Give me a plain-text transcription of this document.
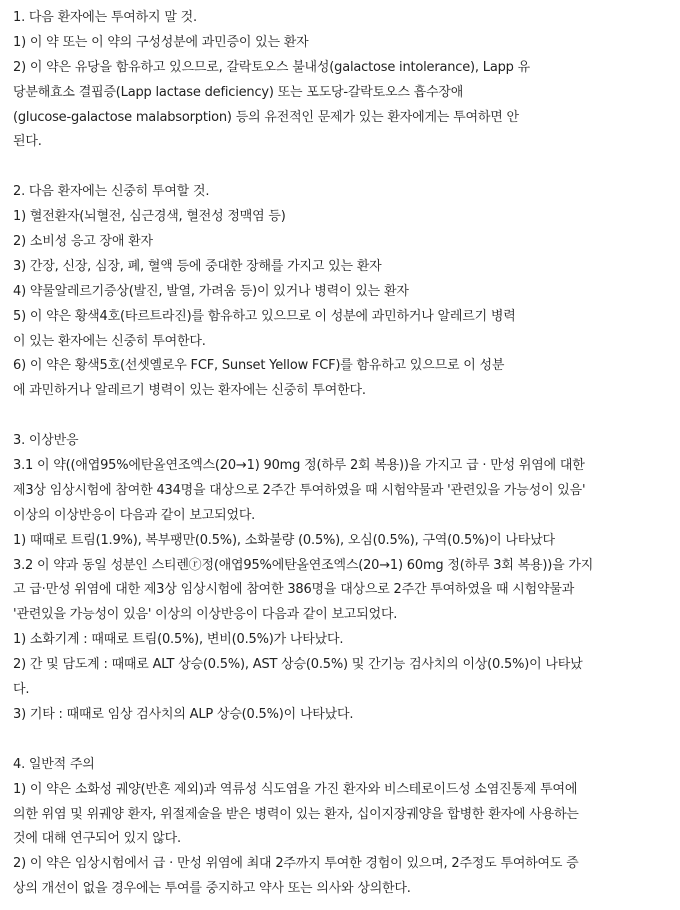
1. 다음 환자에는 투여하지 말 것.
1) 이 약 또는 이 약의 구성성분에 과민증이 있는 환자
2) 이 약은 유당을 함유하고 있으므로, 갈락토오스 불내성(galactose intolerance), Lapp 유
당분해효소 결핍증(Lapp lactase deficiency) 또는 포도당-갈락토오스 흡수장애
(glucose-galactose malabsorption) 등의 유전적인 문제가 있는 환자에게는 투여하면 안
된다.
2. 다음 환자에는 신중히 투여할 것.
1) 혈전환자(뇌혈전, 심근경색, 혈전성 정맥염 등)
2) 소비성 응고 장애 환자
3) 간장, 신장, 심장, 폐, 혈액 등에 중대한 장해를 가지고 있는 환자
4) 약물알레르기증상(발진, 발열, 가려움 등)이 있거나 병력이 있는 환자
5) 이 약은 황색4호(타르트라진)를 함유하고 있으므로 이 성분에 과민하거나 알레르기 병력
이 있는 환자에는 신중히 투여한다.
6) 이 약은 황색5호(선셋옐로우 FCF, Sunset Yellow FCF)를 함유하고 있으므로 이 성분
에 과민하거나 알레르기 병력이 있는 환자에는 신중히 투여한다.
3. 이상반응
3.1 이 약((애엽95%에탄올연조엑스(20→1) 90mg 정(하루 2회 복용))을 가지고 급 · 만성 위염에 대한
제3상 임상시험에 참여한 434명을 대상으로 2주간 투여하였을 때 시험약물과 '관련있을 가능성이 있음'
이상의 이상반응이 다음과 같이 보고되었다.
1) 때때로 트림(1.9%), 복부팽만(0.5%), 소화불량 (0.5%), 오심(0.5%), 구역(0.5%)이 나타났다
3.2 이 약과 동일 성분인 스티렌ⓡ정(애엽95%에탄올연조엑스(20→1) 60mg 정(하루 3회 복용))을 가지
고 급·만성 위염에 대한 제3상 임상시험에 참여한 386명을 대상으로 2주간 투여하였을 때 시험약물과
'관련있을 가능성이 있음' 이상의 이상반응이 다음과 같이 보고되었다.
1) 소화기계 : 때때로 트림(0.5%), 변비(0.5%)가 나타났다.
2) 간 및 담도계 : 때때로 ALT 상승(0.5%), AST 상승(0.5%) 및 간기능 검사치의 이상(0.5%)이 나타났
다.
3) 기타 : 때때로 임상 검사치의 ALP 상승(0.5%)이 나타났다.
4. 일반적 주의
1) 이 약은 소화성 궤양(반흔 제외)과 역류성 식도염을 가진 환자와 비스테로이드성 소염진통제 투여에
의한 위염 및 위궤양 환자, 위절제술을 받은 병력이 있는 환자, 십이지장궤양을 합병한 환자에 사용하는
것에 대해 연구되어 있지 않다.
2) 이 약은 임상시험에서 급 · 만성 위염에 최대 2주까지 투여한 경험이 있으며, 2주정도 투여하여도 증
상의 개선이 없을 경우에는 투여를 중지하고 약사 또는 의사와 상의한다.
